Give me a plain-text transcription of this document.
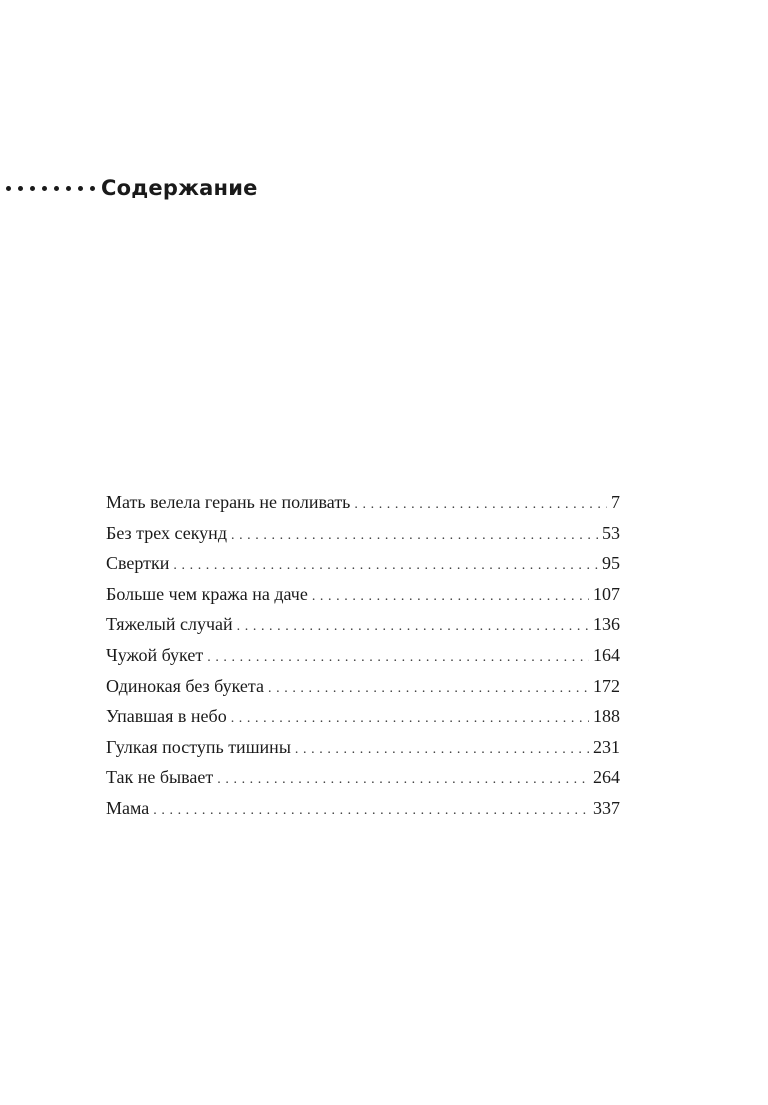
Содержание
Мать велела герань не поливать . . .	7
Без трех секунд . . .	53
Свертки . . .	95
Больше чем кража на даче . . .	107
Тяжелый случай . . .	136
Чужой букет . . .	164
Одинокая без букета . . .	172
Упавшая в небо . . .	188
Гулкая поступь тишины . . .	231
Так не бывает . . .	264
Мама . . .	337
